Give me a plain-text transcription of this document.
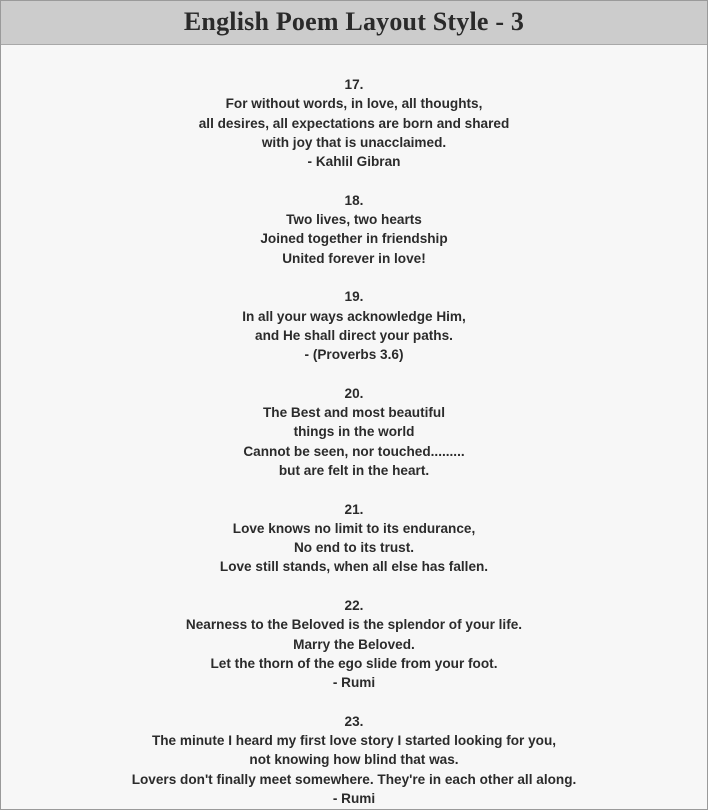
English Poem Layout Style - 3
17.
For without words, in love, all thoughts,
all desires, all expectations are born and shared
with joy that is unacclaimed.
- Kahlil Gibran
18.
Two lives, two hearts
Joined together in friendship
United forever in love!
19.
In all your ways acknowledge Him,
and He shall direct your paths.
- (Proverbs 3.6)
20.
The Best and most beautiful
things in the world
Cannot be seen, nor touched.........
but are felt in the heart.
21.
Love knows no limit to its endurance,
No end to its trust.
Love still stands, when all else has fallen.
22.
Nearness to the Beloved is the splendor of your life.
Marry the Beloved.
Let the thorn of the ego slide from your foot.
- Rumi
23.
The minute I heard my first love story I started looking for you,
not knowing how blind that was.
Lovers don't finally meet somewhere. They're in each other all along.
- Rumi
